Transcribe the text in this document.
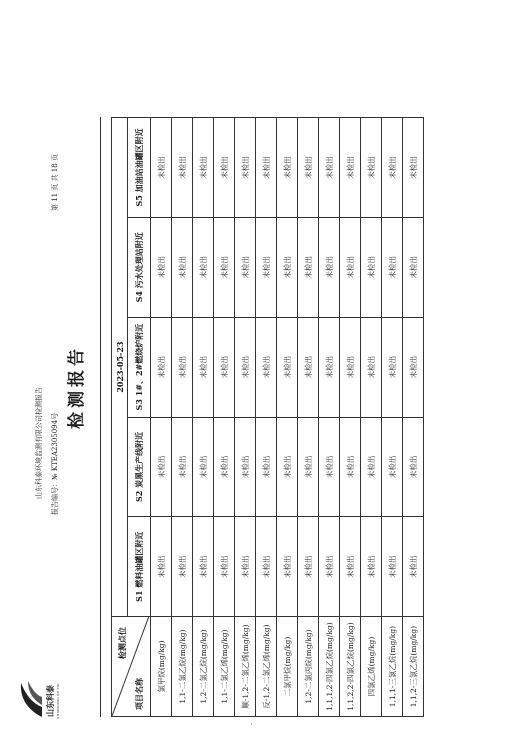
山东科泰 SHANDONG KE TAI
山东科泰环境监测有限公司检测报告 报告编号：№ KTEA2305094号
第 11 页 共 18 页
检测报告
检测点位
项目名称	2023-05-23				
	S1 燃料油罐区附近	S2 炭黑生产线附近	S3 1#、2#燃烧炉附近	S4 污水处理站附近	S5 加油站油罐区附近
氯甲烷(mg/kg)	未检出	未检出	未检出	未检出	未检出
1,1-二氯乙烷(mg/kg)	未检出	未检出	未检出	未检出	未检出
1,2-二氯乙烷(mg/kg)	未检出	未检出	未检出	未检出	未检出
1,1-二氯乙烯(mg/kg)	未检出	未检出	未检出	未检出	未检出
顺-1,2-二氯乙烯(mg/kg)	未检出	未检出	未检出	未检出	未检出
反-1,2-二氯乙烯(mg/kg)	未检出	未检出	未检出	未检出	未检出
二氯甲烷(mg/kg)	未检出	未检出	未检出	未检出	未检出
1,2-二氯丙烷(mg/kg)	未检出	未检出	未检出	未检出	未检出
1,1,1,2-四氯乙烷(mg/kg)	未检出	未检出	未检出	未检出	未检出
1,1,2,2-四氯乙烷(mg/kg)	未检出	未检出	未检出	未检出	未检出
四氯乙烯(mg/kg)	未检出	未检出	未检出	未检出	未检出
1,1,1-三氯乙烷(mg/kg)	未检出	未检出	未检出	未检出	未检出
1,1,2-三氯乙烷(mg/kg)	未检出	未检出	未检出	未检出	未检出
-
